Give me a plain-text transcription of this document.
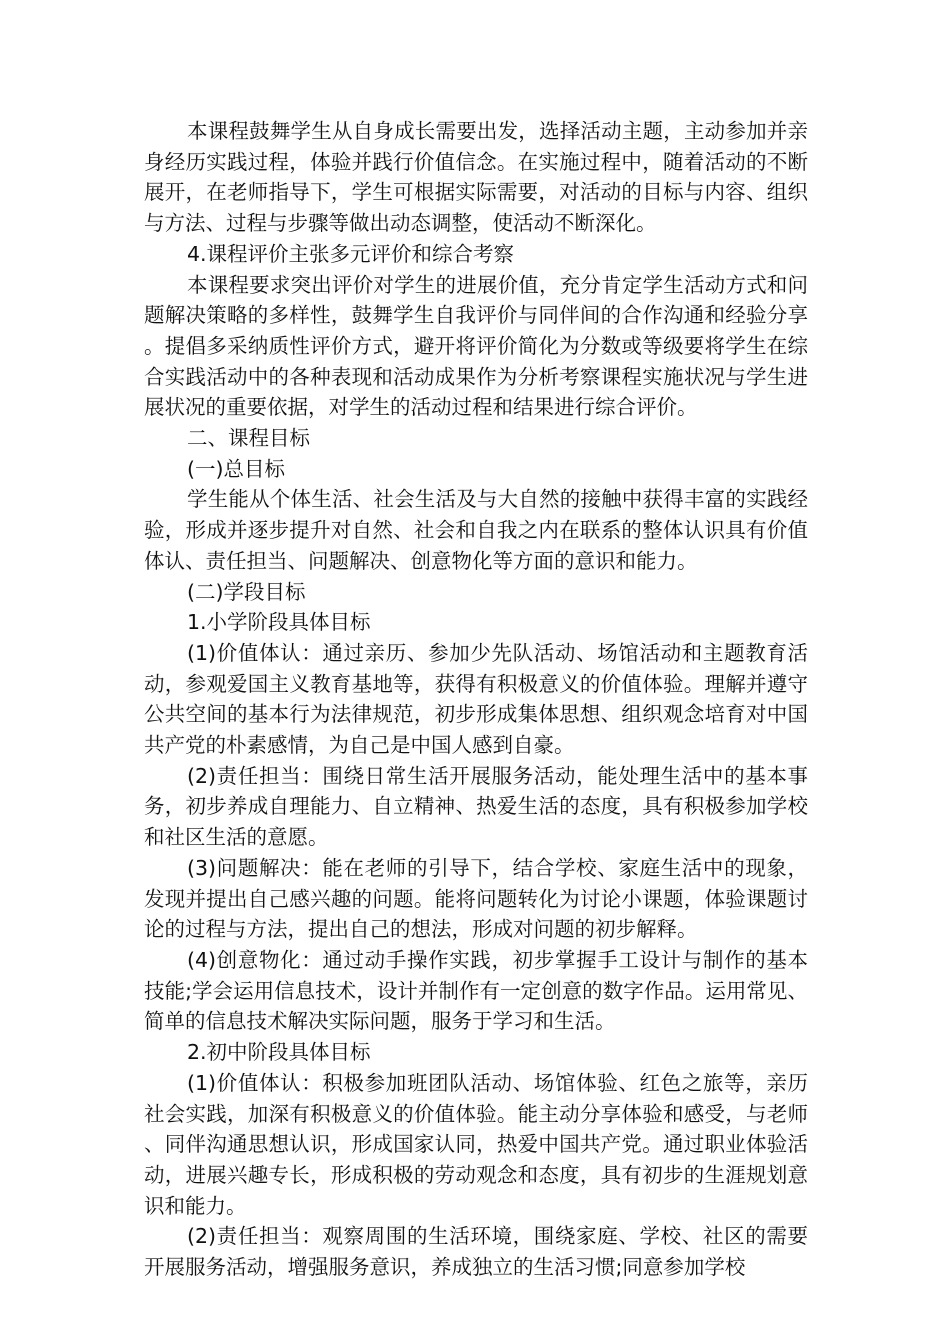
本课程鼓舞学生从自身成长需要出发，选择活动主题，主动参加并亲身经历实践过程，体验并践行价值信念。在实施过程中，随着活动的不断展开，在老师指导下，学生可根据实际需要，对活动的目标与内容、组织与方法、过程与步骤等做出动态调整，使活动不断深化。

4.课程评价主张多元评价和综合考察

本课程要求突出评价对学生的进展价值，充分肯定学生活动方式和问题解决策略的多样性，鼓舞学生自我评价与同伴间的合作沟通和经验分享。提倡多采纳质性评价方式，避开将评价简化为分数或等级要将学生在综合实践活动中的各种表现和活动成果作为分析考察课程实施状况与学生进展状况的重要依据，对学生的活动过程和结果进行综合评价。

二、课程目标

(一)总目标

学生能从个体生活、社会生活及与大自然的接触中获得丰富的实践经验，形成并逐步提升对自然、社会和自我之内在联系的整体认识具有价值体认、责任担当、问题解决、创意物化等方面的意识和能力。

(二)学段目标

1.小学阶段具体目标

(1)价值体认：通过亲历、参加少先队活动、场馆活动和主题教育活动，参观爱国主义教育基地等，获得有积极意义的价值体验。理解并遵守公共空间的基本行为法律规范，初步形成集体思想、组织观念培育对中国共产党的朴素感情，为自己是中国人感到自豪。

(2)责任担当：围绕日常生活开展服务活动，能处理生活中的基本事务，初步养成自理能力、自立精神、热爱生活的态度，具有积极参加学校和社区生活的意愿。

(3)问题解决：能在老师的引导下，结合学校、家庭生活中的现象，发现并提出自己感兴趣的问题。能将问题转化为讨论小课题，体验课题讨论的过程与方法，提出自己的想法，形成对问题的初步解释。

(4)创意物化：通过动手操作实践，初步掌握手工设计与制作的基本技能;学会运用信息技术，设计并制作有一定创意的数字作品。运用常见、简单的信息技术解决实际问题，服务于学习和生活。

2.初中阶段具体目标

(1)价值体认：积极参加班团队活动、场馆体验、红色之旅等，亲历社会实践，加深有积极意义的价值体验。能主动分享体验和感受，与老师、同伴沟通思想认识，形成国家认同，热爱中国共产党。通过职业体验活动，进展兴趣专长，形成积极的劳动观念和态度，具有初步的生涯规划意识和能力。

(2)责任担当：观察周围的生活环境，围绕家庭、学校、社区的需要开展服务活动，增强服务意识，养成独立的生活习惯;同意参加学校
